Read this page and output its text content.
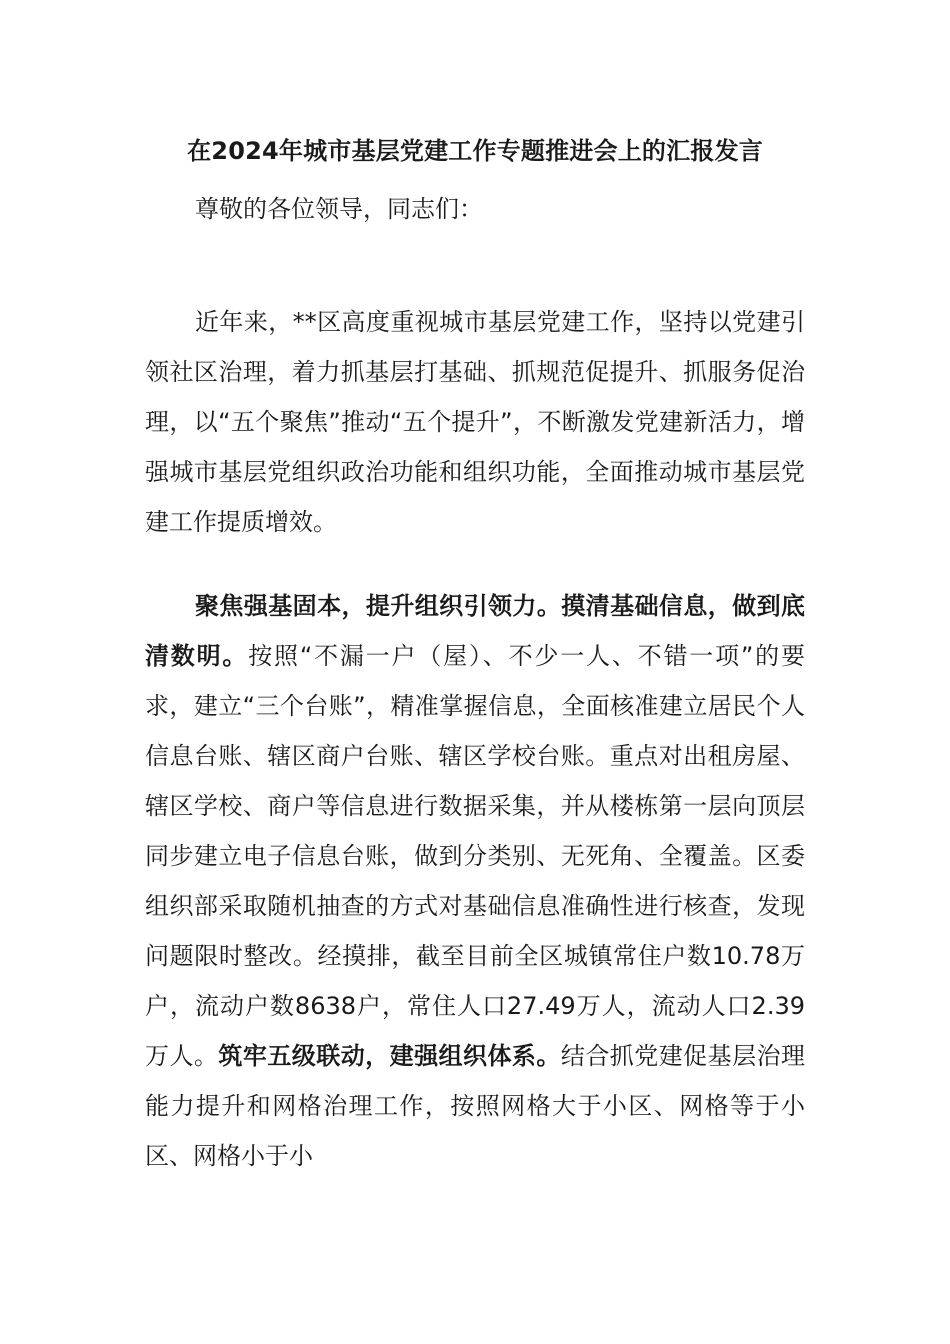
在2024年城市基层党建工作专题推进会上的汇报发言

尊敬的各位领导，同志们：

近年来，**区高度重视城市基层党建工作，坚持以党建引领社区治理，着力抓基层打基础、抓规范促提升、抓服务促治理，以“五个聚焦”推动“五个提升”，不断激发党建新活力，增强城市基层党组织政治功能和组织功能，全面推动城市基层党建工作提质增效。

聚焦强基固本，提升组织引领力。摸清基础信息，做到底清数明。按照“不漏一户（屋）、不少一人、不错一项”的要求，建立“三个台账”，精准掌握信息，全面核准建立居民个人信息台账、辖区商户台账、辖区学校台账。重点对出租房屋、辖区学校、商户等信息进行数据采集，并从楼栋第一层向顶层同步建立电子信息台账，做到分类别、无死角、全覆盖。区委组织部采取随机抽查的方式对基础信息准确性进行核查，发现问题限时整改。经摸排，截至目前全区城镇常住户数10.78万户，流动户数8638户，常住人口27.49万人，流动人口2.39万人。筑牢五级联动，建强组织体系。结合抓党建促基层治理能力提升和网格治理工作，按照网格大于小区、网格等于小区、网格小于小
